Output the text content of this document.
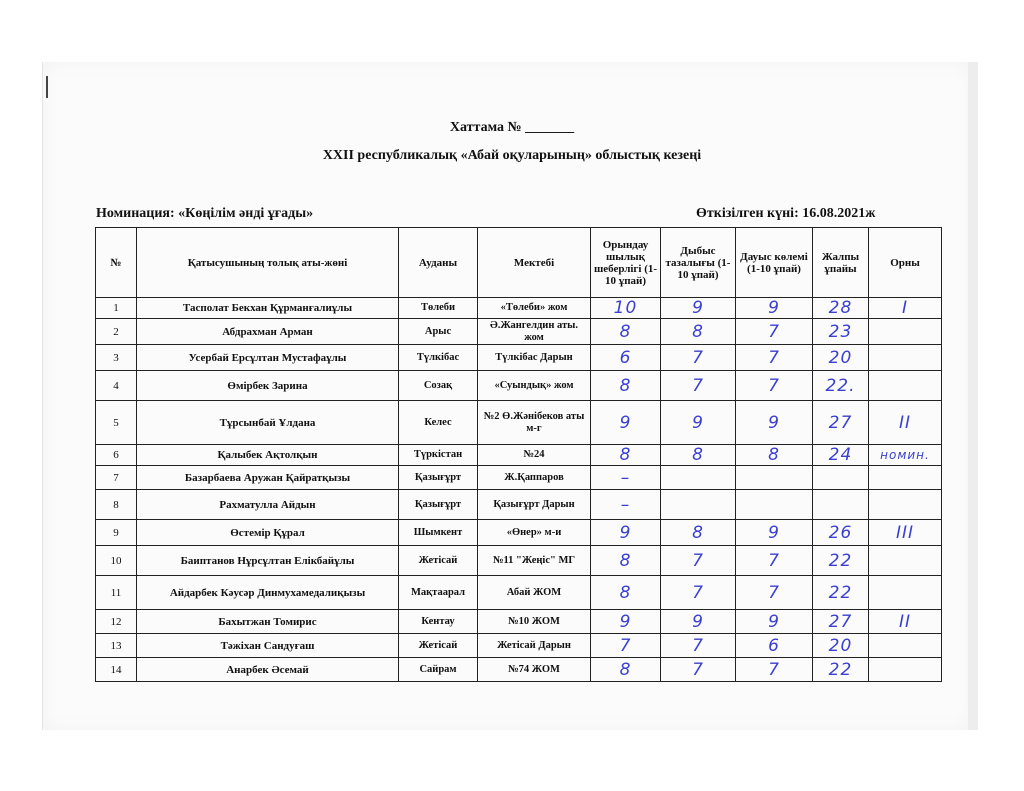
Хаттама № _______
XXII республикалық «Абай оқуларының» облыстық кезеңі
Номинация: «Көңілім әнді ұғады»	Өткізілген күні: 16.08.2021ж
№	Қатысушының толық аты-жөні	Ауданы	Мектебі	Орындау шылық шеберлігі (1-10 ұпай)	Дыбыс тазалығы (1-10 ұпай)	Дауыс көлемі (1-10 ұпай)	Жалпы ұпайы	Орны
1	Тасполат Бекхан Құрманғалиұлы	Төлеби	«Төлеби» жом	10	9	9	28	I
2	Абдрахман Арман	Арыс	Ә.Жангелдин аты. жом	8	8	7	23	
3	Усербай Ерсұлтан Мустафаұлы	Түлкібас	Түлкібас Дарын	6	7	7	20	
4	Өмірбек Зарина	Созақ	«Суындық» жом	8	7	7	22.	
5	Тұрсынбай Ұлдана	Келес	№2 Ө.Жәнібеков аты м-г	9	9	9	27	II
6	Қалыбек Ақтолқын	Түркістан	№24	8	8	8	24	номин.
7	Базарбаева Аружан Қайратқызы	Қазығұрт	Ж.Қаппаров	–				
8	Рахматулла Айдын	Қазығұрт	Қазығұрт Дарын	–				
9	Өстемір Құрал	Шымкент	«Өнер» м-и	9	8	9	26	III
10	Баиптанов Нұрсұлтан Елікбайұлы	Жетісай	№11 "Жеңіс" МГ	8	7	7	22	
11	Айдарбек Кәусәр Динмухамедалиқызы	Мақтаарал	Абай ЖОМ	8	7	7	22	
12	Бахытжан Томирис	Кентау	№10 ЖОМ	9	9	9	27	II
13	Тәжіхан Сандуғаш	Жетісай	Жетісай Дарын	7	7	6	20	
14	Анарбек Әсемай	Сайрам	№74 ЖОМ	8	7	7	22	
